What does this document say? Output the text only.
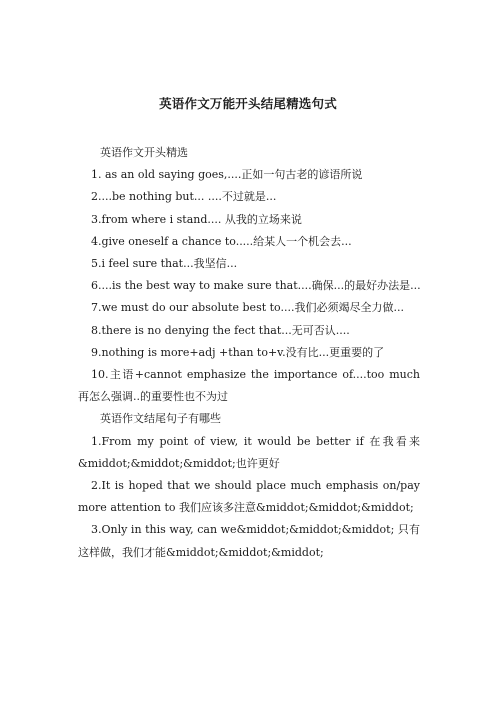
英语作文万能开头结尾精选句式
英语作文开头精选
1. as an old saying goes,....正如一句古老的谚语所说
2....be nothing but... ....不过就是...
3.from where i stand.... 从我的立场来说
4.give oneself a chance to.....给某人一个机会去...
5.i feel sure that...我坚信...
6....is the best way to make sure that....确保...的最好办法是...
7.we must do our absolute best to....我们必须竭尽全力做...
8.there is no denying the fect that...无可否认....
9.nothing is more+adj +than to+v.没有比...更重要的了
10.主语+cannot emphasize the importance of....too much 再怎么强调..的重要性也不为过
英语作文结尾句子有哪些
1.From my point of view, it would be better if 在我看来&middot;&middot;&middot;也许更好
2.It is hoped that we should place much emphasis on/pay more attention to 我们应该多注意&middot;&middot;&middot;
3.Only in this way, can we&middot;&middot;&middot; 只有这样做，我们才能&middot;&middot;&middot;
